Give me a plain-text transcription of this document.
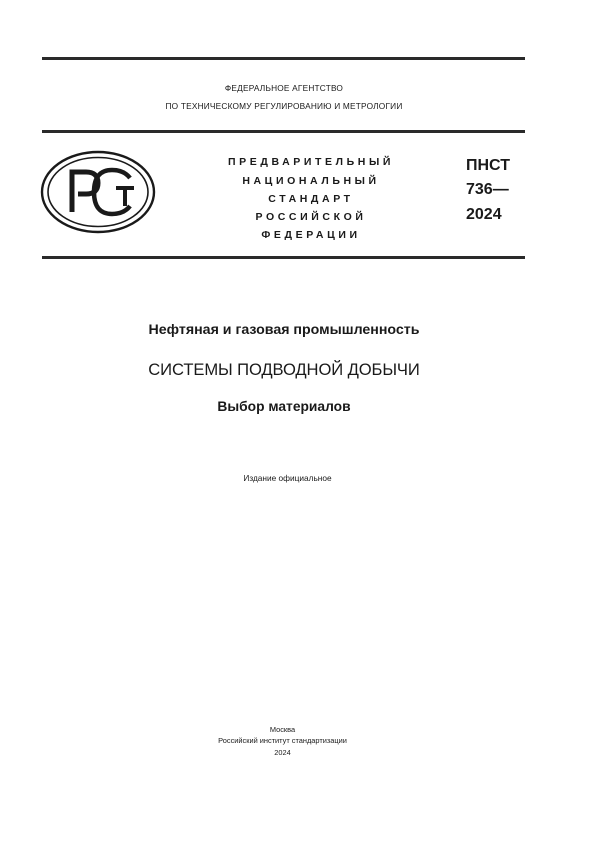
ФЕДЕРАЛЬНОЕ АГЕНТСТВО
ПО ТЕХНИЧЕСКОМУ РЕГУЛИРОВАНИЮ И МЕТРОЛОГИИ
ПРЕДВАРИТЕЛЬНЫЙ
НАЦИОНАЛЬНЫЙ
СТАНДАРТ
РОССИЙСКОЙ
ФЕДЕРАЦИИ
ПНСТ
736—
2024
Нефтяная и газовая промышленность
СИСТЕМЫ ПОДВОДНОЙ ДОБЫЧИ
Выбор материалов
Издание официальное
Москва
Российский институт стандартизации
2024
